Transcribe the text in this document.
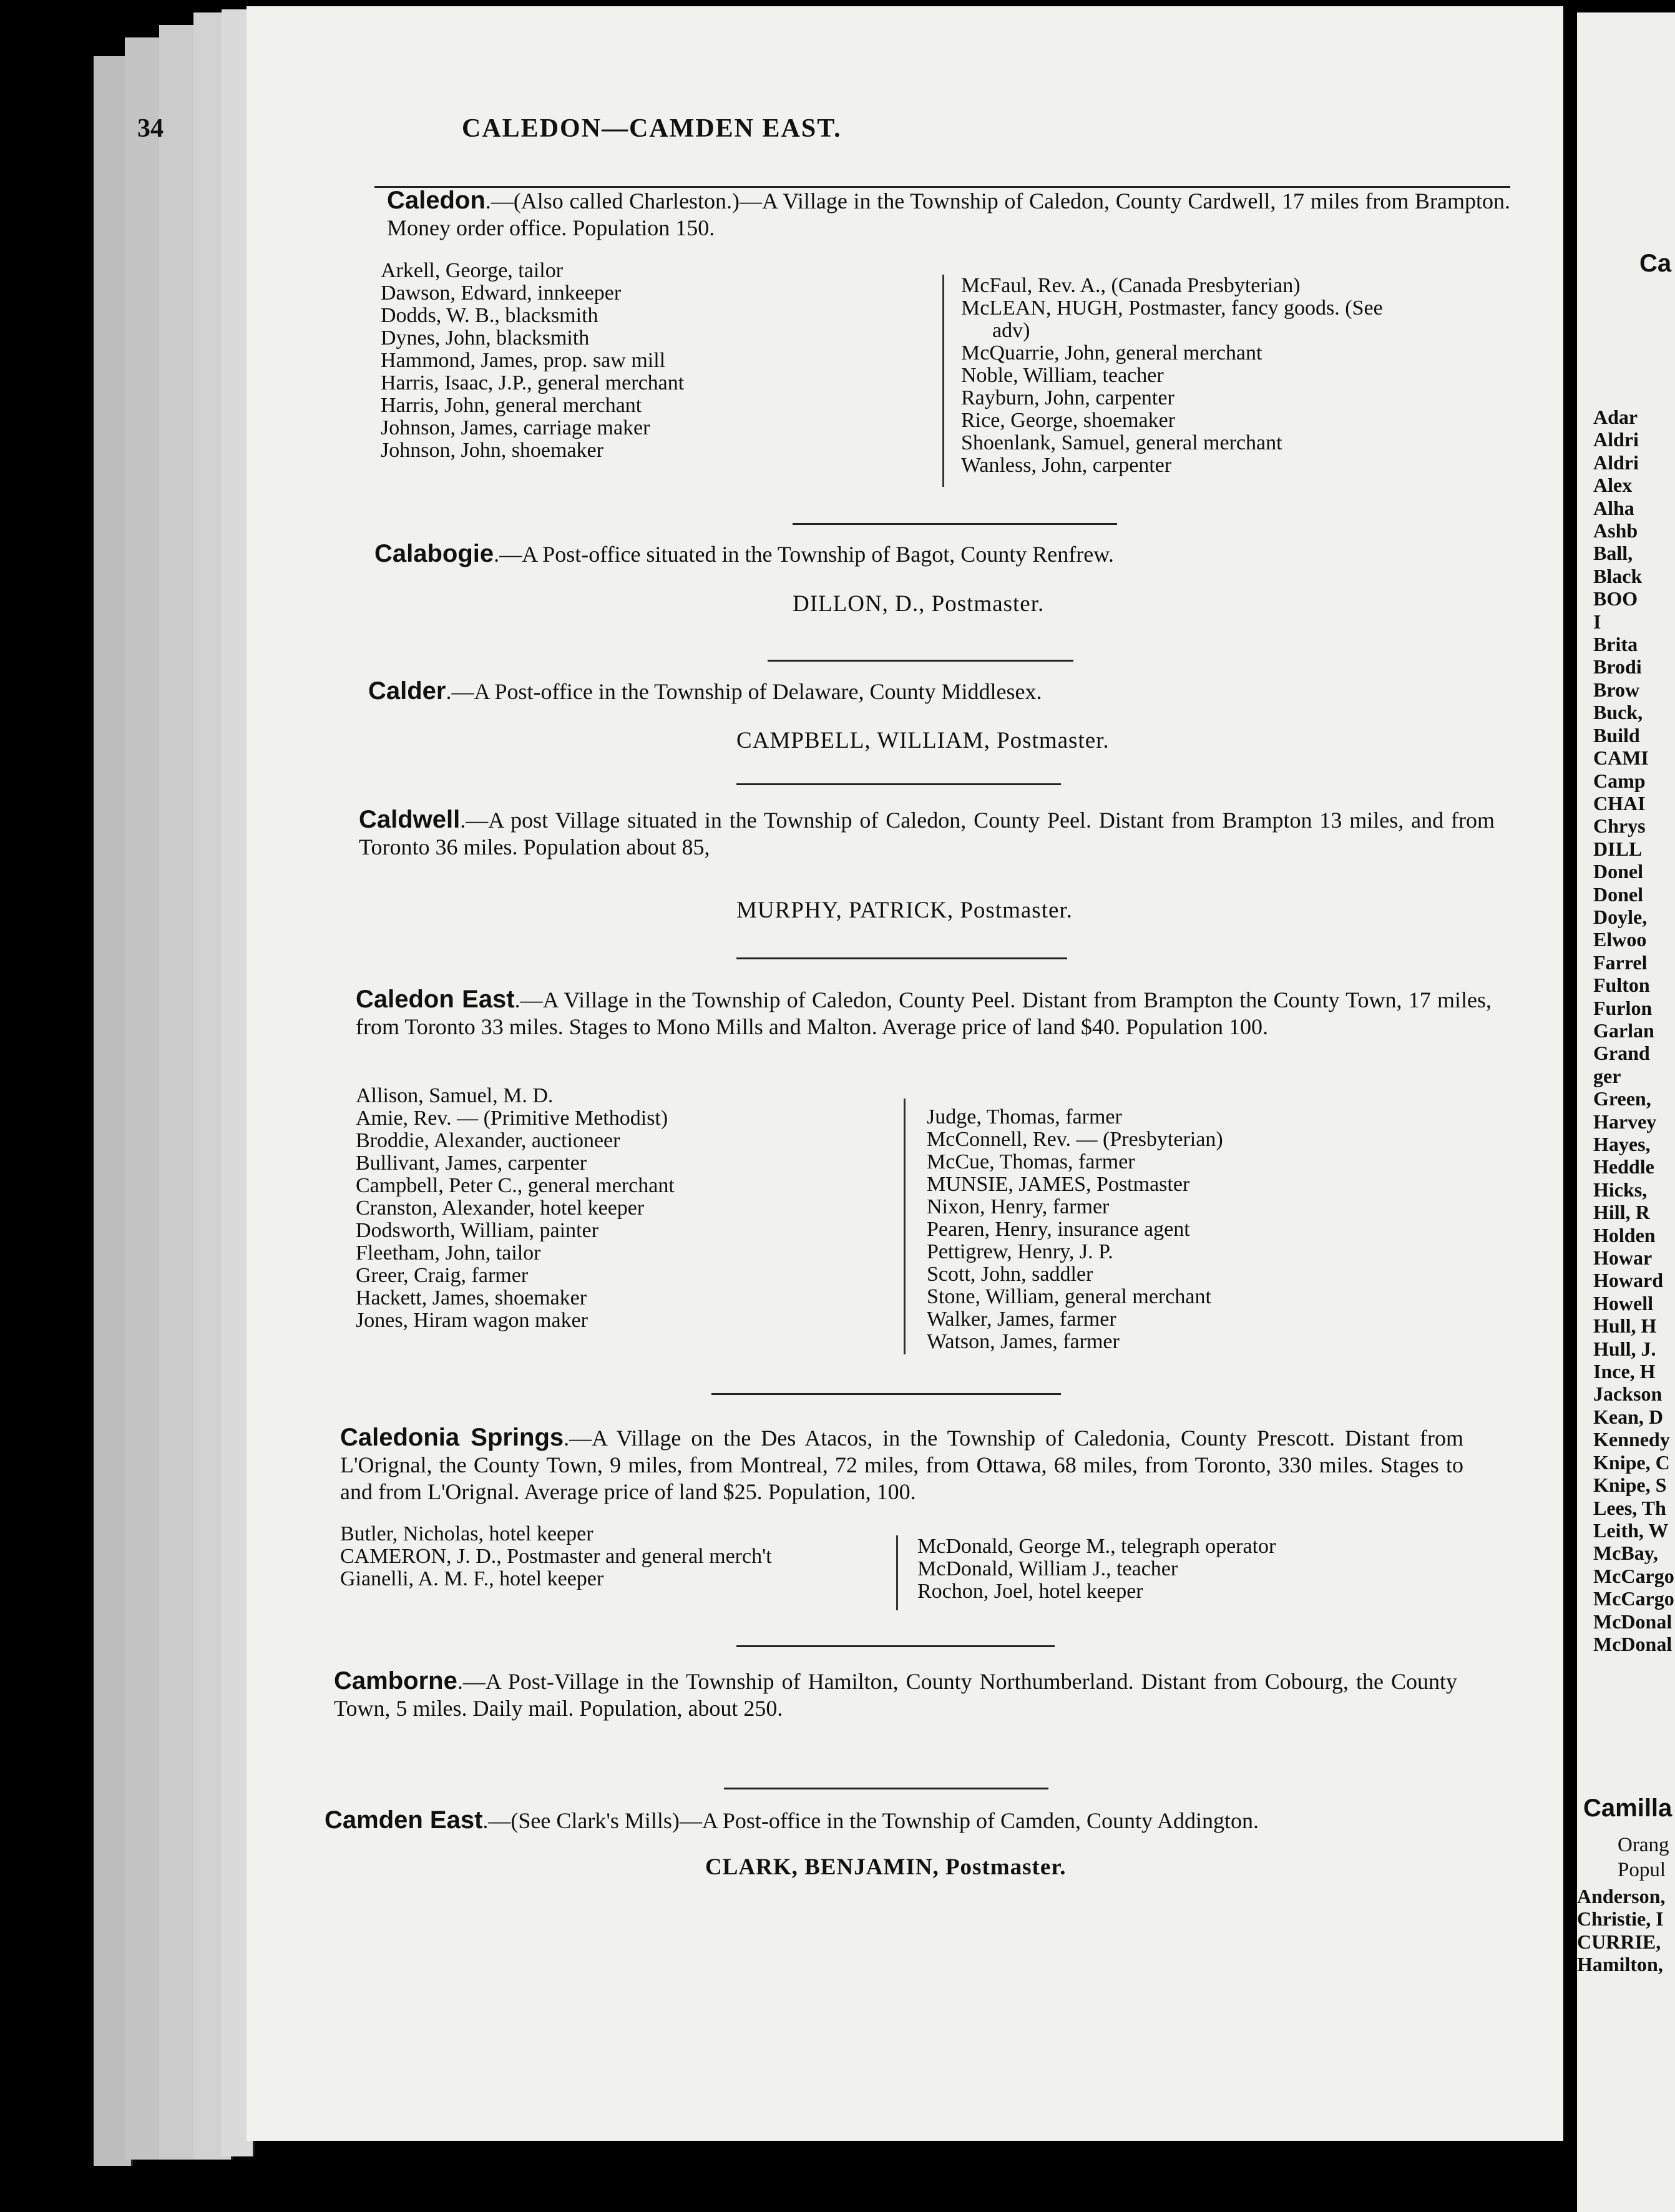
34	CALEDON—CAMDEN EAST.
Caledon.—(Also called Charleston.)—A Village in the Township of Caledon, County Cardwell, 17 miles from Brampton. Money order office. Population 150.
Arkell, George, tailor
Dawson, Edward, innkeeper
Dodds, W. B., blacksmith
Dynes, John, blacksmith
Hammond, James, prop. saw mill
Harris, Isaac, J.P., general merchant
Harris, John, general merchant
Johnson, James, carriage maker
Johnson, John, shoemaker
McFaul, Rev. A., (Canada Presbyterian)
McLEAN, HUGH, Postmaster, fancy goods. (See
adv)
McQuarrie, John, general merchant
Noble, William, teacher
Rayburn, John, carpenter
Rice, George, shoemaker
Shoenlank, Samuel, general merchant
Wanless, John, carpenter
Calabogie.—A Post-office situated in the Township of Bagot, County Renfrew.
DILLON, D., Postmaster.
Calder.—A Post-office in the Township of Delaware, County Middlesex.
CAMPBELL, WILLIAM, Postmaster.
Caldwell.—A post Village situated in the Township of Caledon, County Peel. Distant from Brampton 13 miles, and from Toronto 36 miles. Population about 85,
MURPHY, PATRICK, Postmaster.
Caledon East.—A Village in the Township of Caledon, County Peel. Distant from Brampton the County Town, 17 miles, from Toronto 33 miles. Stages to Mono Mills and Malton. Average price of land $40. Population 100.
Allison, Samuel, M. D.
Amie, Rev. — (Primitive Methodist)
Broddie, Alexander, auctioneer
Bullivant, James, carpenter
Campbell, Peter C., general merchant
Cranston, Alexander, hotel keeper
Dodsworth, William, painter
Fleetham, John, tailor
Greer, Craig, farmer
Hackett, James, shoemaker
Jones, Hiram wagon maker
Judge, Thomas, farmer
McConnell, Rev. — (Presbyterian)
McCue, Thomas, farmer
MUNSIE, JAMES, Postmaster
Nixon, Henry, farmer
Pearen, Henry, insurance agent
Pettigrew, Henry, J. P.
Scott, John, saddler
Stone, William, general merchant
Walker, James, farmer
Watson, James, farmer
Caledonia Springs.—A Village on the Des Atacos, in the Township of Caledonia, County Prescott. Distant from L'Orignal, the County Town, 9 miles, from Montreal, 72 miles, from Ottawa, 68 miles, from Toronto, 330 miles. Stages to and from L'Orignal. Average price of land $25. Population, 100.
Butler, Nicholas, hotel keeper
CAMERON, J. D., Postmaster and general merch't
Gianelli, A. M. F., hotel keeper
McDonald, George M., telegraph operator
McDonald, William J., teacher
Rochon, Joel, hotel keeper
Camborne.—A Post-Village in the Township of Hamilton, County Northumberland. Distant from Cobourg, the County Town, 5 miles. Daily mail. Population, about 250.
Camden East.—(See Clark's Mills)—A Post-office in the Township of Camden, County Addington.
CLARK, BENJAMIN, Postmaster.
Ca
Adar
Aldri
Aldri
Alex
Alha
Ashb
Ball,
Black
BOO
I
Brita
Brodi
Brow
Buck,
Build
CAMI
Camp
CHAI
Chrys
DILL
Donel
Donel
Doyle,
Elwoo
Farrel
Fulton
Furlon
Garlan
Grand
ger
Green,
Harvey
Hayes,
Heddle
Hicks,
Hill, R
Holden
Howar
Howard
Howell
Hull, H
Hull, J.
Ince, H
Jackson
Kean, D
Kennedy
Knipe, C
Knipe, S
Lees, Th
Leith, W
McBay,
McCargo
McCargo
McDonal
McDonal
Camilla
Orang
Popul
Anderson,
Christie, I
CURRIE,
Hamilton,
